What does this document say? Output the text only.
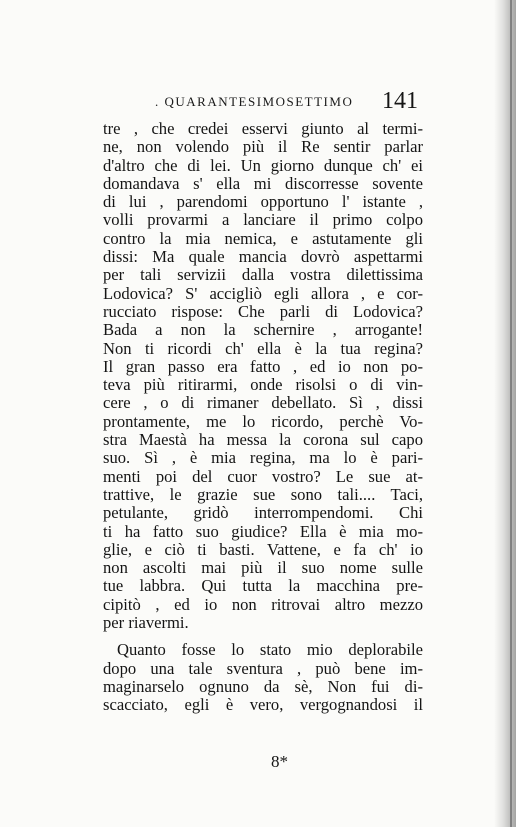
. QUARANTESIMOSETTIMO 141
tre , che credei esservi giunto al termi-
ne, non volendo più il Re sentir parlar
d'altro che di lei. Un giorno dunque ch' ei
domandava s' ella mi discorresse sovente
di lui , parendomi opportuno l' istante ,
volli provarmi a lanciare il primo colpo
contro la mia nemica, e astutamente gli
dissi: Ma quale mancia dovrò aspettarmi
per tali servizii dalla vostra dilettissima
Lodovica? S' accigliò egli allora , e cor-
rucciato rispose: Che parli di Lodovica?
Bada a non la schernire , arrogante!
Non ti ricordi ch' ella è la tua regina?
Il gran passo era fatto , ed io non po-
teva più ritirarmi, onde risolsi o di vin-
cere , o di rimaner debellato. Sì , dissi
prontamente, me lo ricordo, perchè Vo-
stra Maestà ha messa la corona sul capo
suo. Sì , è mia regina, ma lo è pari-
menti poi del cuor vostro? Le sue at-
trattive, le grazie sue sono tali.... Taci,
petulante, gridò interrompendomi. Chi
ti ha fatto suo giudice? Ella è mia mo-
glie, e ciò ti basti. Vattene, e fa ch' io
non ascolti mai più il suo nome sulle
tue labbra. Qui tutta la macchina pre-
cipitò , ed io non ritrovai altro mezzo
per riavermi.
Quanto fosse lo stato mio deplorabile
dopo una tale sventura , può bene im-
maginarselo ognuno da sè, Non fui di-
scacciato, egli è vero, vergognandosi il
8*
